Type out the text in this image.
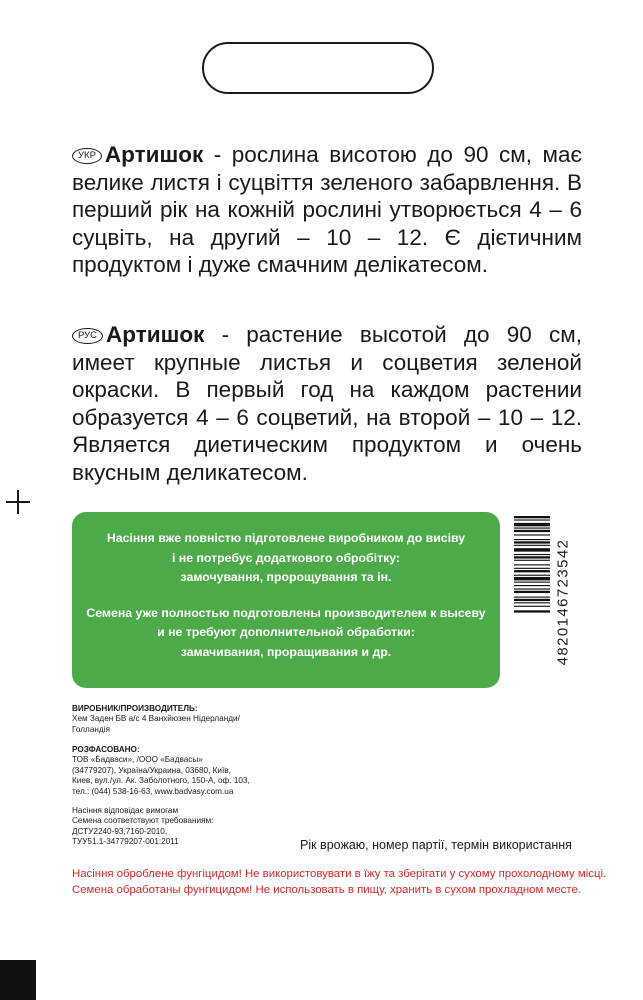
УКР Артишок - рослина висотою до 90 см, має велике листя і суцвіття зеленого забарвлення. В перший рік на кожній рослині утворюється 4 – 6 суцвіть, на другий – 10 – 12. Є дієтичним продуктом і дуже смачним делікатесом.
РУС Артишок - растение высотой до 90 см, имеет крупные листья и соцветия зеленой окраски. В первый год на каждом растении образуется 4 – 6 соцветий, на второй – 10 – 12. Является диетическим продуктом и очень вкусным деликатесом.

Насіння вже повністю підготовлене виробником до висіву

і не потребує додаткового обробітку:

замочування, пророщування та ін.

Семена уже полностью подготовлены производителем к высеву

и не требуют дополнительной обработки:

замачивания, проращивания и др.	4820146723542
ВИРОБНИК/ПРОИЗВОДИТЕЛЬ:
Хем Заден БВ а/с 4 Ванхйюзен Нідерланди/
Голландія
РОЗФАСОВАНО:
ТОВ «Бадваси», /ООО «Бадвасы»
(34779207), Україна/Украина, 03680, Київ,
Киев, вул./ул. Ак. Заболотного, 150-А, оф. 103,
тел.: (044) 538-16-63, www.badvasy.com.ua
Насіння відповідає вимогам
Семена соответствуют требованиям:
ДСТУ2240-93,7160-2010,
ТУУ51.1-34779207-001:2011	Рік врожаю, номер партії, термін використання
Насіння оброблене фунгіцидом! Не використовувати в їжу та зберігати у сухому прохолодному місці.
Семена обработаны фунгицидом! Не использовать в пищу, хранить в сухом прохладном месте.
